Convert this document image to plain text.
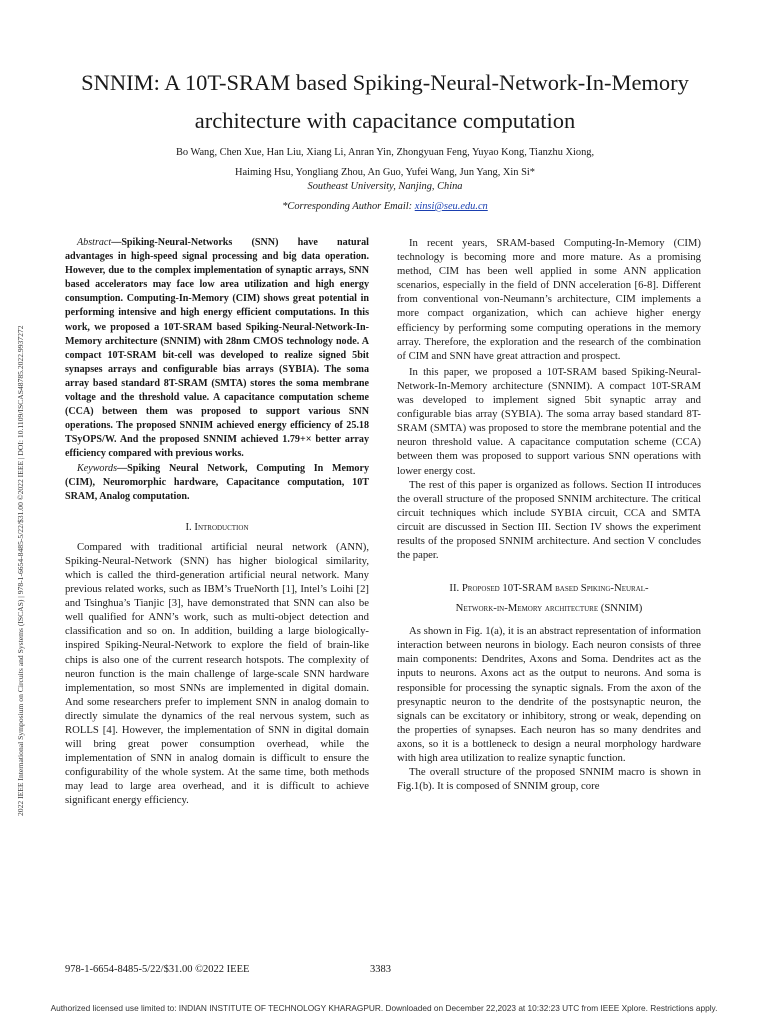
SNNIM: A 10T-SRAM based Spiking-Neural-Network-In-Memory
architecture with capacitance computation
Bo Wang, Chen Xue, Han Liu, Xiang Li, Anran Yin, Zhongyuan Feng, Yuyao Kong, Tianzhu Xiong,
Haiming Hsu, Yongliang Zhou, An Guo, Yufei Wang, Jun Yang, Xin Si*
Southeast University, Nanjing, China
*Corresponding Author Email: xinsi@seu.edu.cn
2022 IEEE International Symposium on Circuits and Systems (ISCAS) | 978-1-6654-8485-5/22/$31.00 ©2022 IEEE | DOI: 10.1109/ISCAS48785.2022.9937272

Abstract—Spiking-Neural-Networks (SNN) have natural advantages in high-speed signal processing and big data operation. However, due to the complex implementation of synaptic arrays, SNN based accelerators may face low area utilization and high energy consumption. Computing-In-Memory (CIM) shows great potential in performing intensive and high energy efficient computations. In this work, we proposed a 10T-SRAM based Spiking-Neural-Network-In-Memory architecture (SNNIM) with 28nm CMOS technology node. A compact 10T-SRAM bit-cell was developed to realize signed 5bit synapses arrays and configurable bias arrays (SYBIA). The soma array based standard 8T-SRAM (SMTA) stores the soma membrane voltage and the threshold value. A capacitance computation scheme (CCA) between them was proposed to support various SNN operations. The proposed SNNIM achieved energy efficiency of 25.18 TSyOPS/W. And the proposed SNNIM achieved 1.79+× better array efficiency compared with previous works.

Keywords—Spiking Neural Network, Computing In Memory (CIM), Neuromorphic hardware, Capacitance computation, 10T SRAM, Analog computation.

I. Introduction

Compared with traditional artificial neural network (ANN), Spiking-Neural-Network (SNN) has higher biological similarity, which is called the third-generation artificial neural network. Many previous related works, such as IBM’s TrueNorth [1], Intel’s Loihi [2] and Tsinghua’s Tianjic [3], have demonstrated that SNN can also be well qualified for ANN’s work, such as multi-object detection and classification and so on. In addition, building a large biologically-inspired Spiking-Neural-Network to explore the field of brain-like chips is also one of the current research hotspots. The complexity of neuron function is the main challenge of large-scale SNN hardware implementation, so most SNNs are implemented in digital domain. And some researchers prefer to implement SNN in analog domain to directly simulate the dynamics of the real nervous system, such as ROLLS [4]. However, the implementation of SNN in digital domain will bring great power consumption overhead, while the implementation of SNN in analog domain is difficult to ensure the configurability of the whole system. At the same time, both methods may lead to large area overhead, and it is difficult to achieve significant energy efficiency.

In recent years, SRAM-based Computing-In-Memory (CIM) technology is becoming more and more mature. As a promising method, CIM has been well applied in some ANN application scenarios, especially in the field of DNN acceleration [6-8]. Different from conventional von-Neumann’s architecture, CIM implements a more compact organization, which can achieve higher energy efficiency by performing some computing operations in the memory array. Therefore, the exploration and the research of the combination of CIM and SNN have great attraction and prospect.

In this paper, we proposed a 10T-SRAM based Spiking-Neural-Network-In-Memory architecture (SNNIM). A compact 10T-SRAM was developed to implement signed 5bit synaptic array and configurable bias array (SYBIA). The soma array based standard 8T-SRAM (SMTA) was proposed to store the membrane potential and the neuron threshold value. A capacitance computation scheme (CCA) between them was proposed to support various SNN operations with lower energy cost.

The rest of this paper is organized as follows. Section II introduces the overall structure of the proposed SNNIM architecture. The critical circuit techniques which include SYBIA circuit, CCA and SMTA circuit are discussed in Section III. Section IV shows the experiment results of the proposed SNNIM architecture. And section V concludes the paper.

II. Proposed 10T-SRAM based Spiking-Neural-
Network-in-Memory architecture (SNNIM)

As shown in Fig. 1(a), it is an abstract representation of information interaction between neurons in biology. Each neuron consists of three main components: Dendrites, Axons and Soma. Dendrites act as the inputs to neurons. Axons act as the output to neurons. And soma is responsible for processing the synaptic signals. From the axon of the presynaptic neuron to the dendrite of the postsynaptic neuron, the signals can be excitatory or inhibitory, strong or weak, depending on the properties of synapses. Each neuron has so many dendrites and axons, so it is a bottleneck to design a neural morphology hardware with high area utilization to realize synaptic function.

The overall structure of the proposed SNNIM macro is shown in Fig.1(b). It is composed of SNNIM group, core

978-1-6654-8485-5/22/$31.00 ©2022 IEEE	3383
Authorized licensed use limited to: INDIAN INSTITUTE OF TECHNOLOGY KHARAGPUR. Downloaded on December 22,2023 at 10:32:23 UTC from IEEE Xplore. Restrictions apply.
